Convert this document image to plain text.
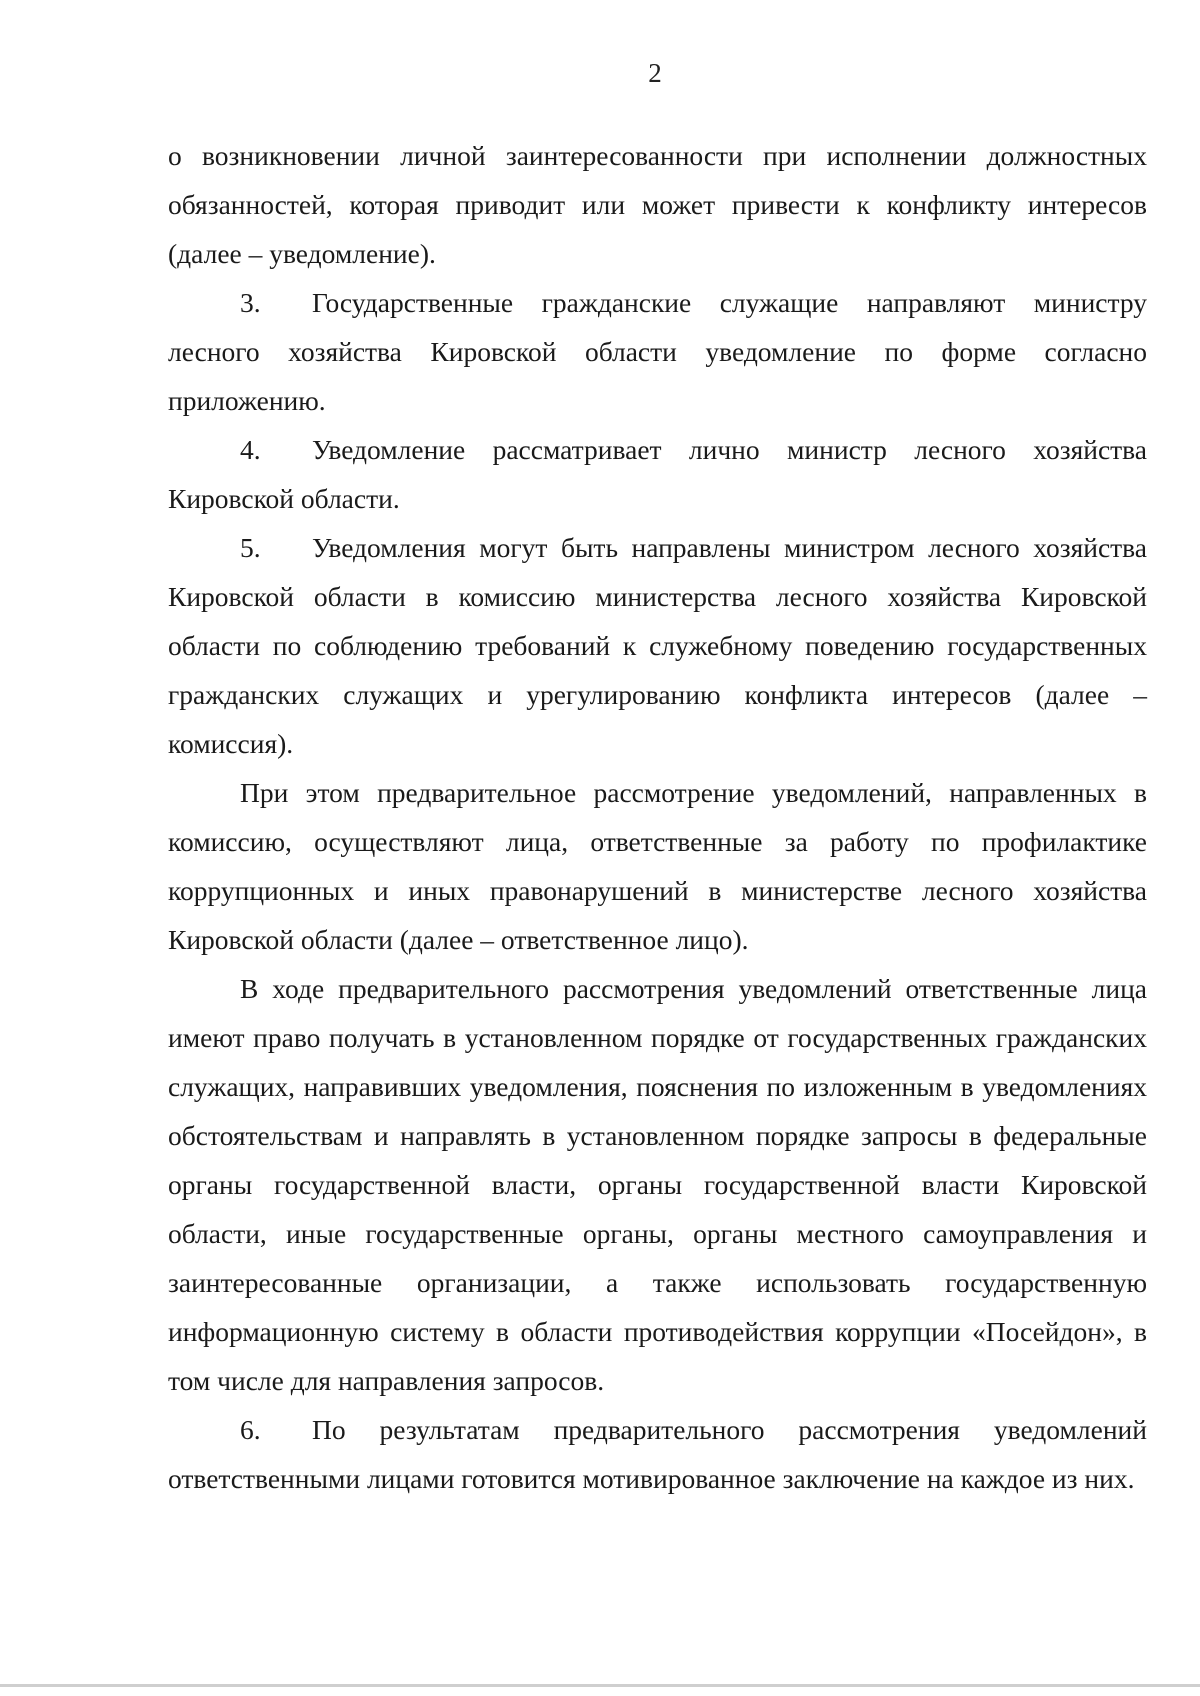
2

о возникновении личной заинтересованности при исполнении должностных обязанностей, которая приводит или может привести к конфликту интересов (далее – уведомление).

3. Государственные гражданские служащие направляют министру лесного хозяйства Кировской области уведомление по форме согласно приложению.

4. Уведомление рассматривает лично министр лесного хозяйства Кировской области.

5. Уведомления могут быть направлены министром лесного хозяйства Кировской области в комиссию министерства лесного хозяйства Кировской области по соблюдению требований к служебному поведению государственных гражданских служащих и урегулированию конфликта интересов (далее – комиссия).

При этом предварительное рассмотрение уведомлений, направленных в комиссию, осуществляют лица, ответственные за работу по профилактике коррупционных и иных правонарушений в министерстве лесного хозяйства Кировской области (далее – ответственное лицо).

В ходе предварительного рассмотрения уведомлений ответственные лица имеют право получать в установленном порядке от государственных гражданских служащих, направивших уведомления, пояснения по изложенным в уведомлениях обстоятельствам и направлять в установленном порядке запросы в федеральные органы государственной власти, органы государственной власти Кировской области, иные государственные органы, органы местного самоуправления и заинтересованные организации, а также использовать государственную информационную систему в области противодействия коррупции «Посейдон», в том числе для направления запросов.

6. По результатам предварительного рассмотрения уведомлений ответственными лицами готовится мотивированное заключение на каждое из них.
